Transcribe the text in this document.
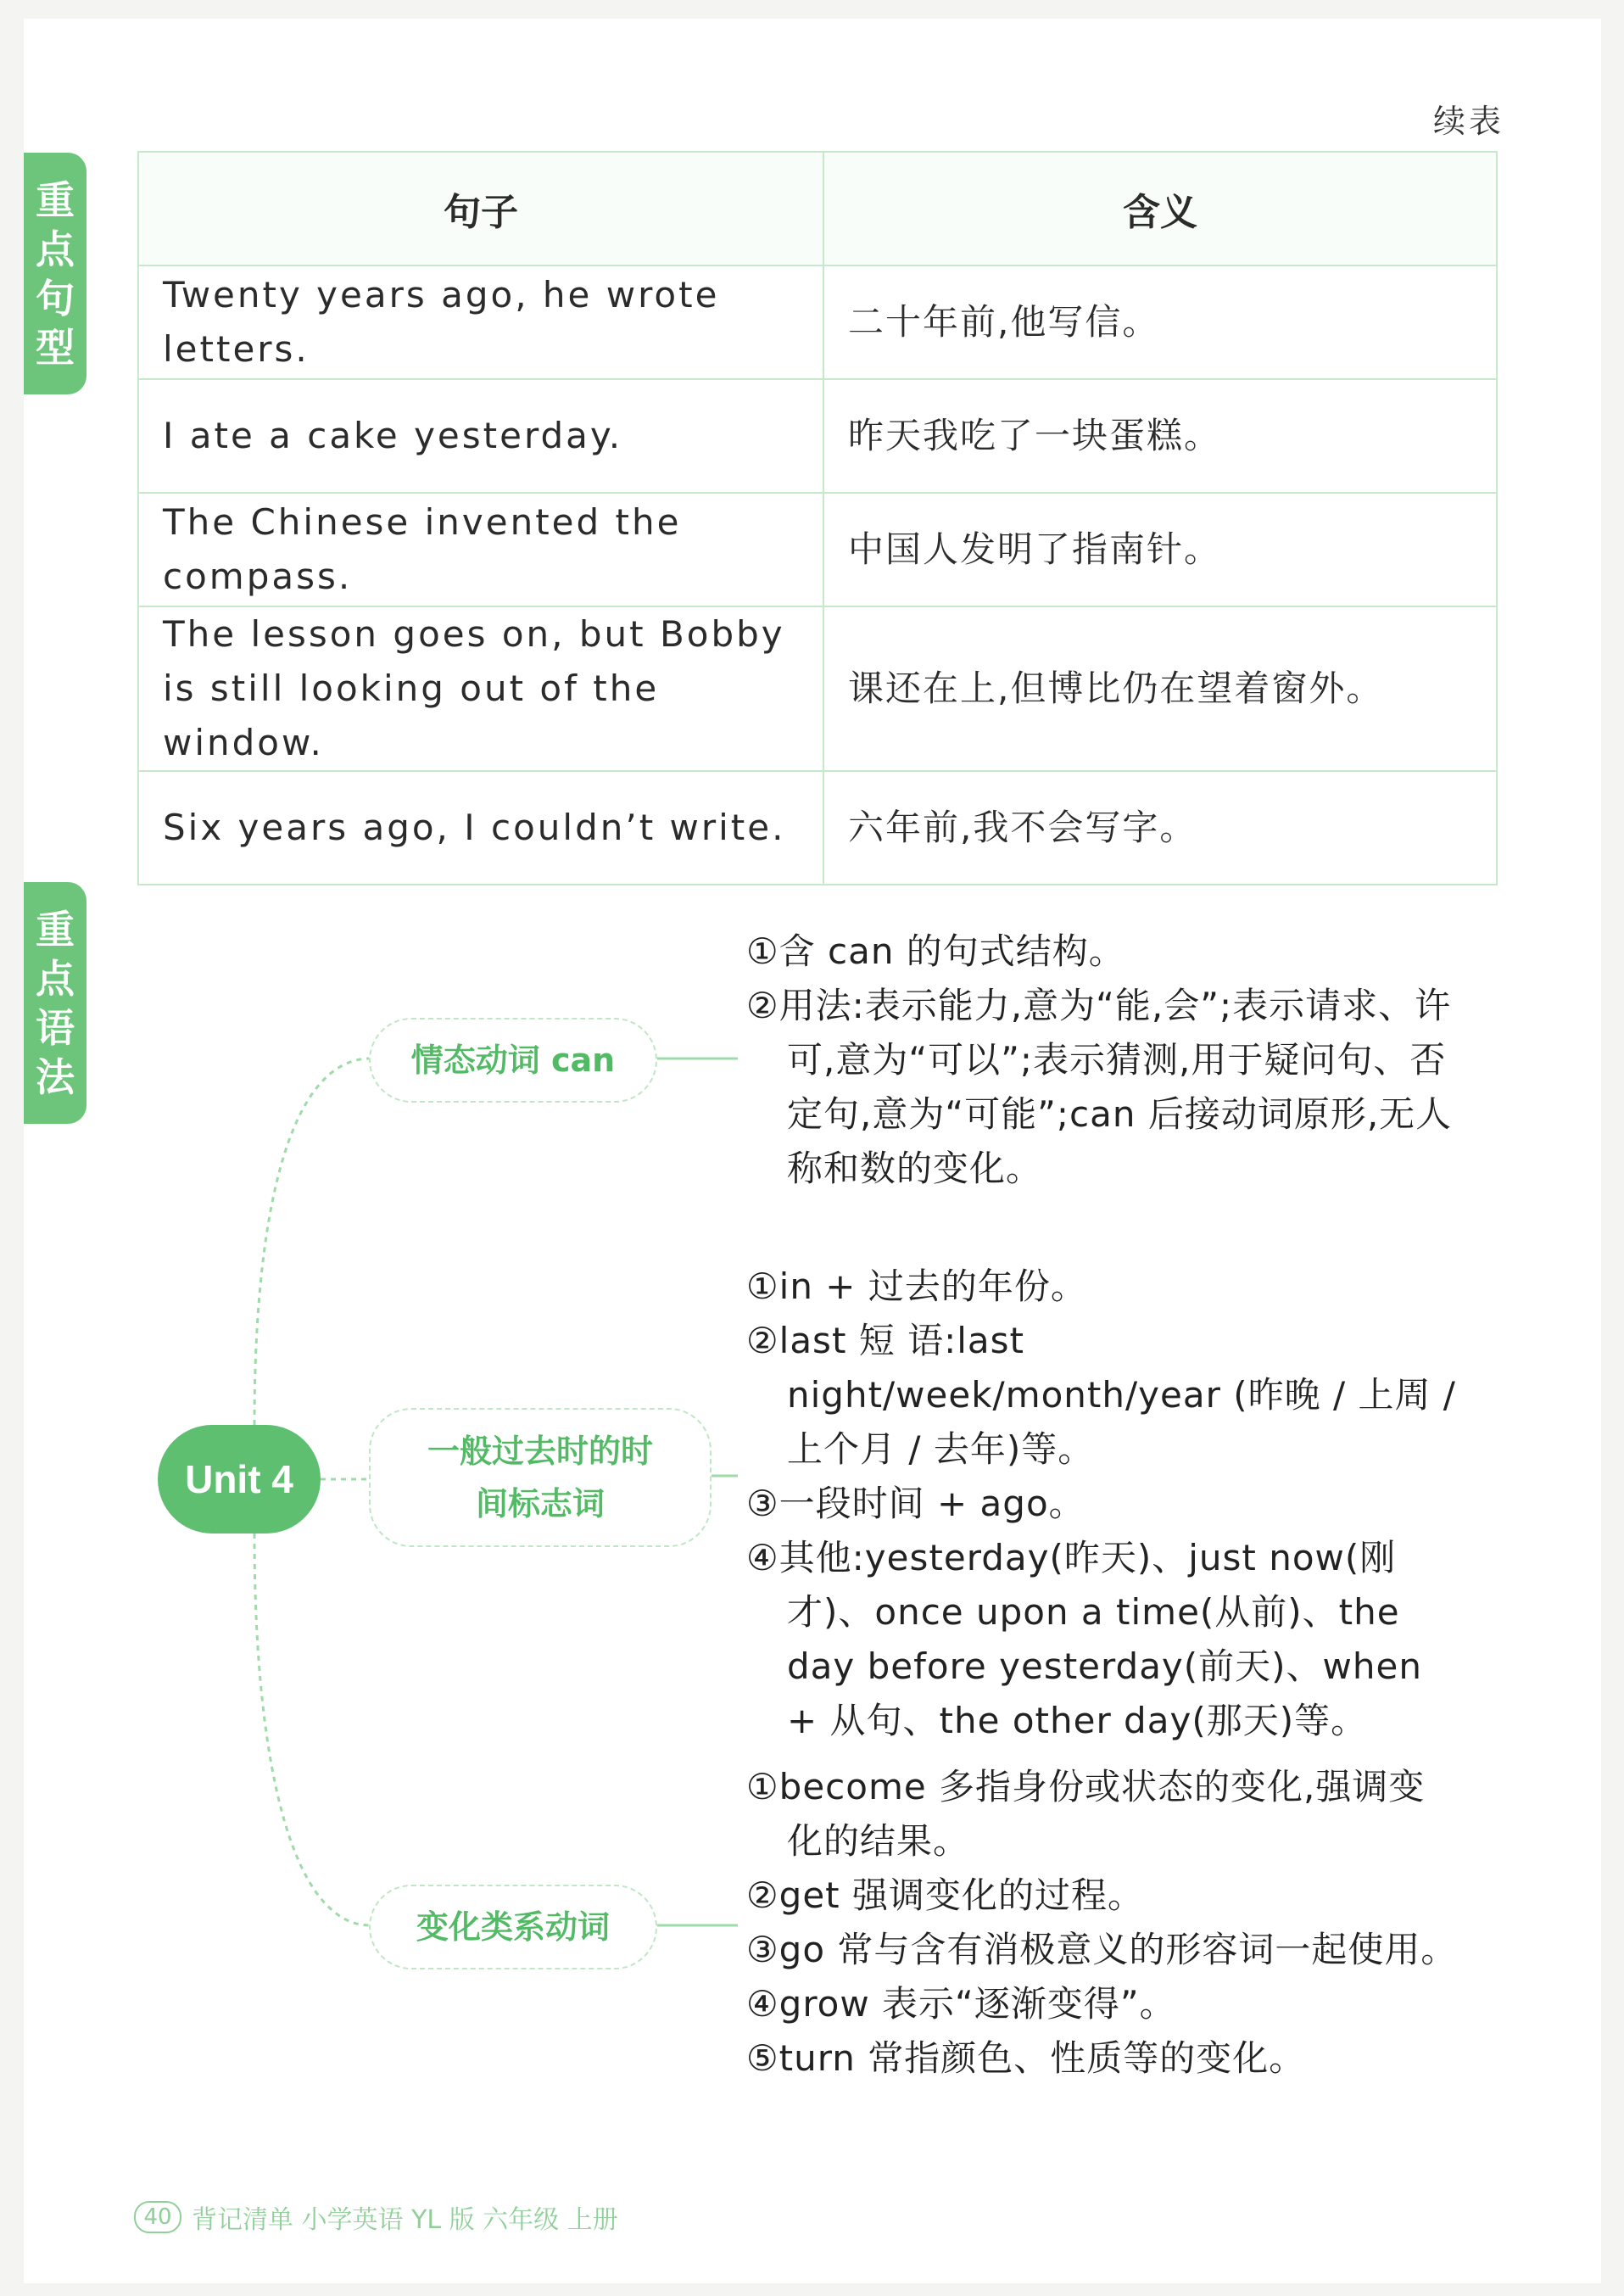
续表
重
点
句
型
句子	含义
Twenty years ago, he wrote letters.	二十年前,他写信。
I ate a cake yesterday.	昨天我吃了一块蛋糕。
The Chinese invented the compass.	中国人发明了指南针。
The lesson goes on, but Bobby is still looking out of the window.	课还在上,但博比仍在望着窗外。
Six years ago, I couldn’t write.	六年前,我不会写字。
重
点
语
法
Unit 4
情态动词 can
一般过去时的时
间标志词
变化类系动词

①含 can 的句式结构。

②用法:表示能力,意为“能,会”;表示请求、许可,意为“可以”;表示猜测,用于疑问句、否定句,意为“可能”;can 后接动词原形,无人称和数的变化。

①in + 过去的年份。

②last 短 语:last night/week/month/year (昨晚 / 上周 / 上个月 / 去年)等。

③一段时间 + ago。

④其他:yesterday(昨天)、just now(刚才)、once upon a time(从前)、the day before yesterday(前天)、when + 从句、the other day(那天)等。

①become 多指身份或状态的变化,强调变化的结果。

②get 强调变化的过程。

③go 常与含有消极意义的形容词一起使用。

④grow 表示“逐渐变得”。

⑤turn 常指颜色、性质等的变化。

40 背记清单 小学英语 YL 版 六年级 上册
